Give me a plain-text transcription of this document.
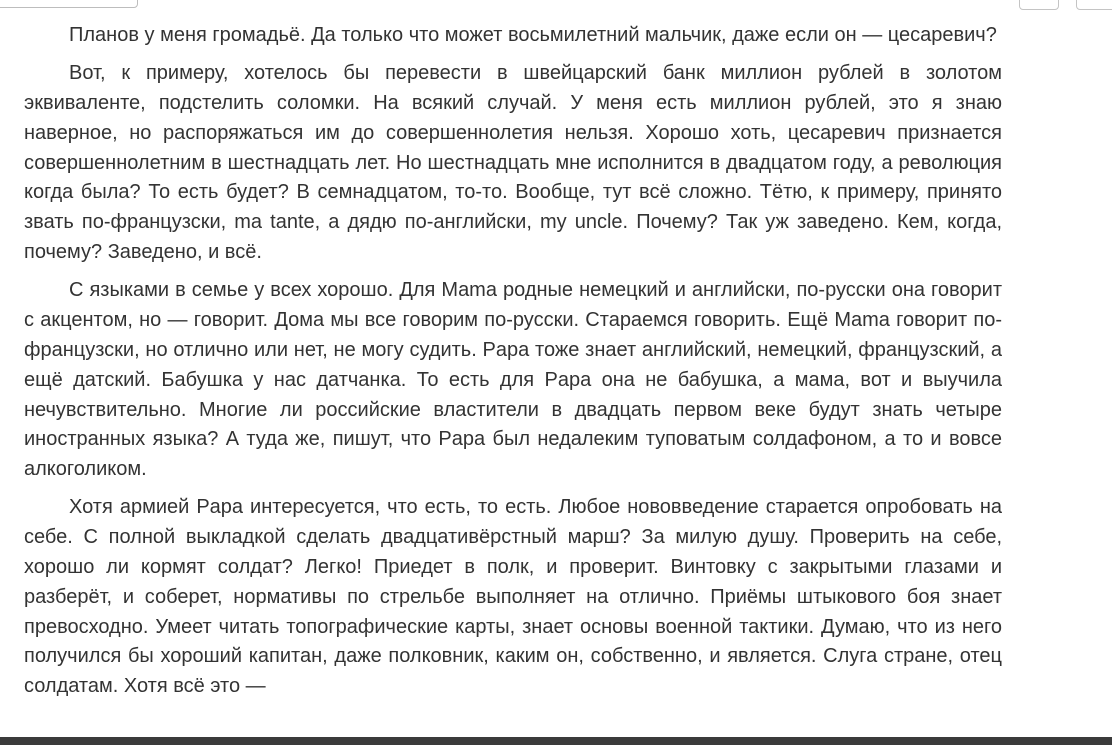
Планов у меня громадьё. Да только что может восьмилетний мальчик, даже если он — цесаревич?

Вот, к примеру, хотелось бы перевести в швейцарский банк миллион рублей в золотом эквиваленте, подстелить соломки. На всякий случай. У меня есть миллион рублей, это я знаю наверное, но распоряжаться им до совершеннолетия нельзя. Хорошо хоть, цесаревич признается совершеннолетним в шестнадцать лет. Но шестнадцать мне исполнится в двадцатом году, а революция когда была? То есть будет? В семнадцатом, то-то. Вообще, тут всё сложно. Тётю, к примеру, принято звать по-французски, ma tante, а дядю по-английски, my uncle. Почему? Так уж заведено. Кем, когда, почему? Заведено, и всё.

С языками в семье у всех хорошо. Для Mama родные немецкий и английски, по-русски она говорит с акцентом, но — говорит. Дома мы все говорим по-русски. Стараемся говорить. Ещё Mama говорит по-французски, но отлично или нет, не могу судить. Papa тоже знает английский, немецкий, французский, а ещё датский. Бабушка у нас датчанка. То есть для Papa она не бабушка, а мама, вот и выучила нечувствительно. Многие ли российские властители в двадцать первом веке будут знать четыре иностранных языка? А туда же, пишут, что Papa был недалеким туповатым солдафоном, а то и вовсе алкоголиком.

Хотя армией Papa интересуется, что есть, то есть. Любое нововведение старается опробовать на себе. С полной выкладкой сделать двадцативёрстный марш? За милую душу. Проверить на себе, хорошо ли кормят солдат? Легко! Приедет в полк, и проверит. Винтовку с закрытыми глазами и разберёт, и соберет, нормативы по стрельбе выполняет на отлично. Приёмы штыкового боя знает превосходно. Умеет читать топографические карты, знает основы военной тактики. Думаю, что из него получился бы хороший капитан, даже полковник, каким он, собственно, и является. Слуга стране, отец солдатам. Хотя всё это —
